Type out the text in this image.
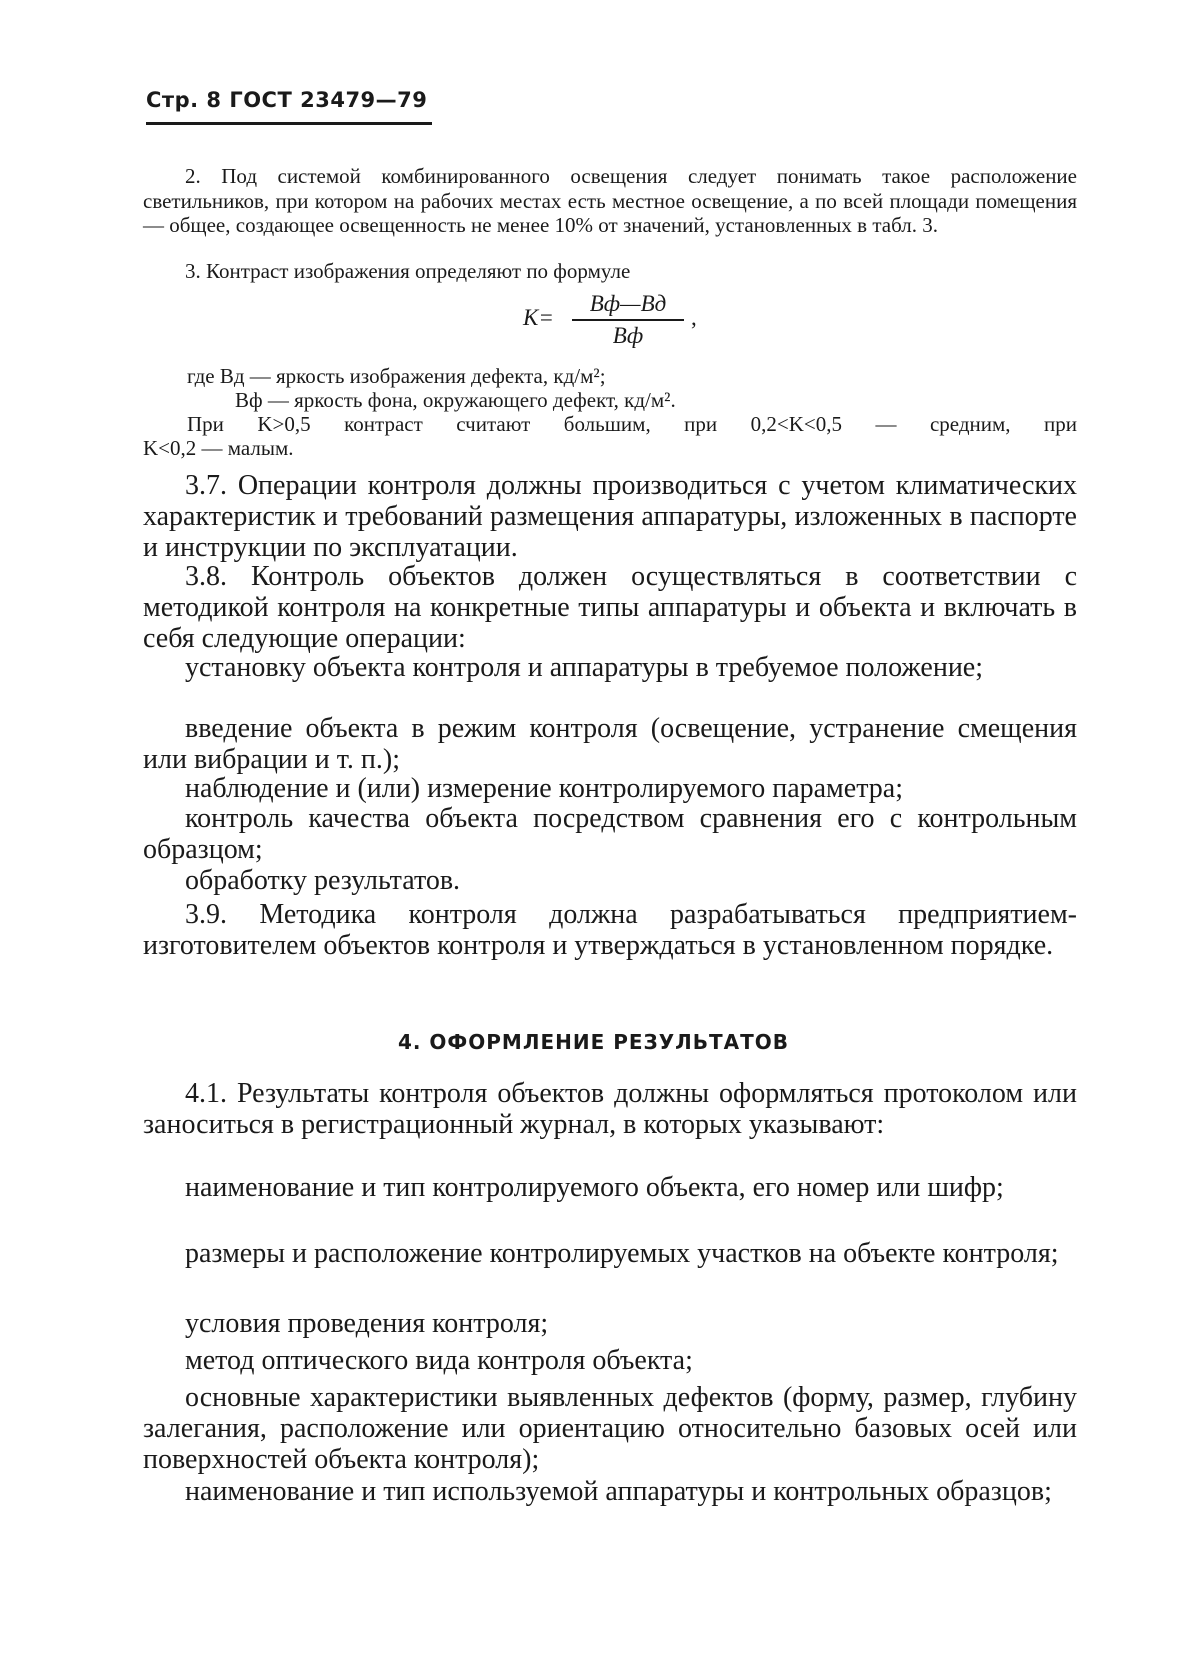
Стр. 8 ГОСТ 23479—79

2. Под системой комбинированного освещения следует понимать такое расположение светильников, при котором на рабочих местах есть местное освещение, а по всей площади помещения — общее, создающее освещенность не менее 10% от значений, установленных в табл. 3.

3. Контраст изображения определяют по формуле

K=
Bф—Bд
Bф
,

где Bд — яркость изображения дефекта, кд/м²;

Bф — яркость фона, окружающего дефект, кд/м².

При K>0,5 контраст считают большим, при 0,2<K<0,5 — средним, при

K<0,2 — малым.

3.7. Операции контроля должны производиться с учетом климатических характеристик и требований размещения аппаратуры, изложенных в паспорте и инструкции по эксплуатации.

3.8. Контроль объектов должен осуществляться в соответствии с методикой контроля на конкретные типы аппаратуры и объекта и включать в себя следующие операции:

установку объекта контроля и аппаратуры в требуемое положение;

введение объекта в режим контроля (освещение, устранение смещения или вибрации и т. п.);

наблюдение и (или) измерение контролируемого параметра;

контроль качества объекта посредством сравнения его с контрольным образцом;

обработку результатов.

3.9. Методика контроля должна разрабатываться предприятием-изготовителем объектов контроля и утверждаться в установленном порядке.

4. ОФОРМЛЕНИЕ РЕЗУЛЬТАТОВ

4.1. Результаты контроля объектов должны оформляться протоколом или заноситься в регистрационный журнал, в которых указывают:

наименование и тип контролируемого объекта, его номер или шифр;

размеры и расположение контролируемых участков на объекте контроля;

условия проведения контроля;

метод оптического вида контроля объекта;

основные характеристики выявленных дефектов (форму, размер, глубину залегания, расположение или ориентацию относительно базовых осей или поверхностей объекта контроля);

наименование и тип используемой аппаратуры и контрольных образцов;
